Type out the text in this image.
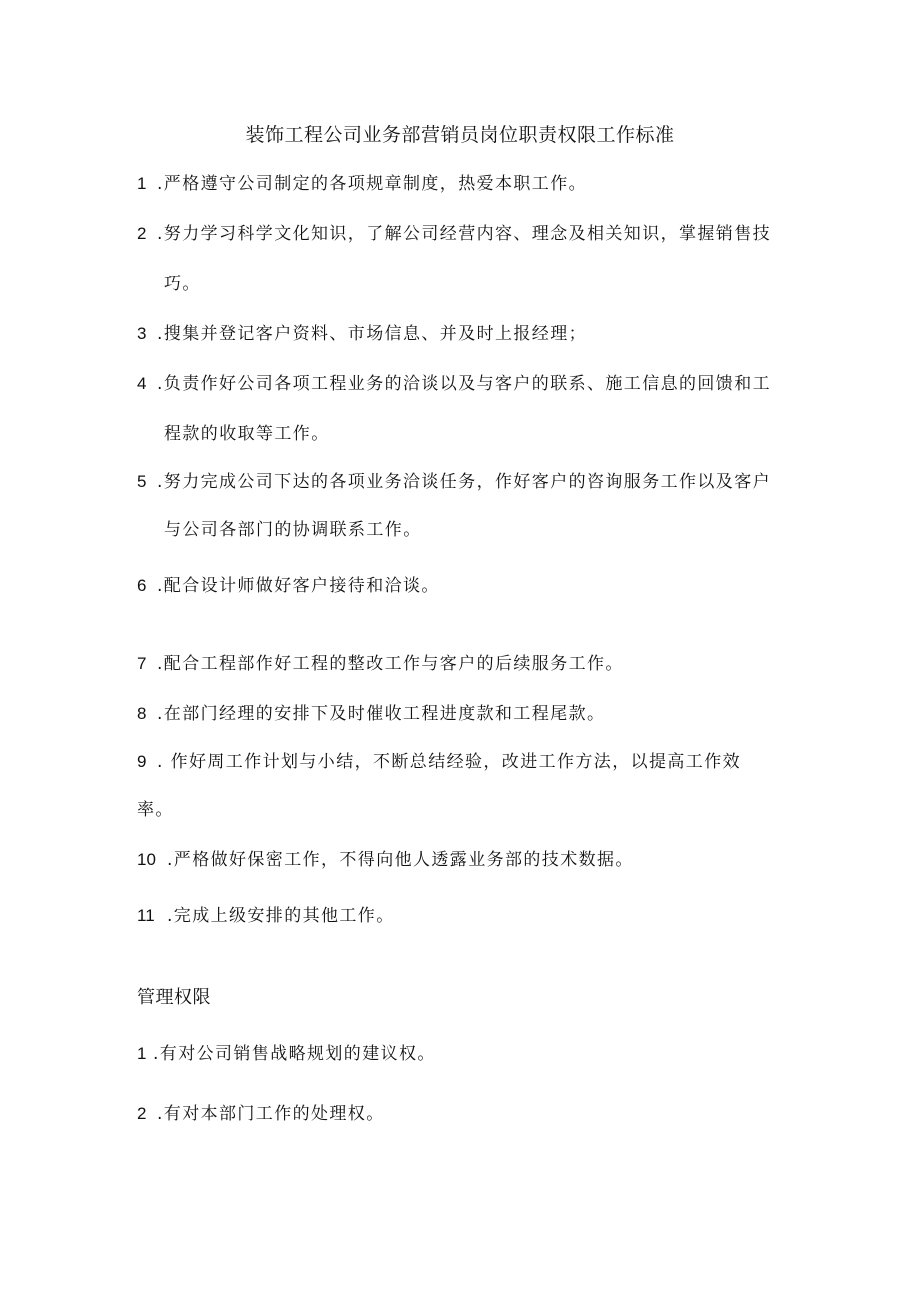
装饰工程公司业务部营销员岗位职责权限工作标准
1 .严格遵守公司制定的各项规章制度，热爱本职工作。
2 .努力学习科学文化知识，了解公司经营内容、理念及相关知识，掌握销售技
巧。
3 .搜集并登记客户资料、市场信息、并及时上报经理；
4 .负责作好公司各项工程业务的洽谈以及与客户的联系、施工信息的回馈和工
程款的收取等工作。
5 .努力完成公司下达的各项业务洽谈任务，作好客户的咨询服务工作以及客户
与公司各部门的协调联系工作。
6 .配合设计师做好客户接待和洽谈。
7 .配合工程部作好工程的整改工作与客户的后续服务工作。
8 .在部门经理的安排下及时催收工程进度款和工程尾款。
9 . 作好周工作计划与小结，不断总结经验，改进工作方法，以提高工作效
率。
10 .严格做好保密工作，不得向他人透露业务部的技术数据。
11 .完成上级安排的其他工作。
管理权限
1 .有对公司销售战略规划的建议权。
2 .有对本部门工作的处理权。
